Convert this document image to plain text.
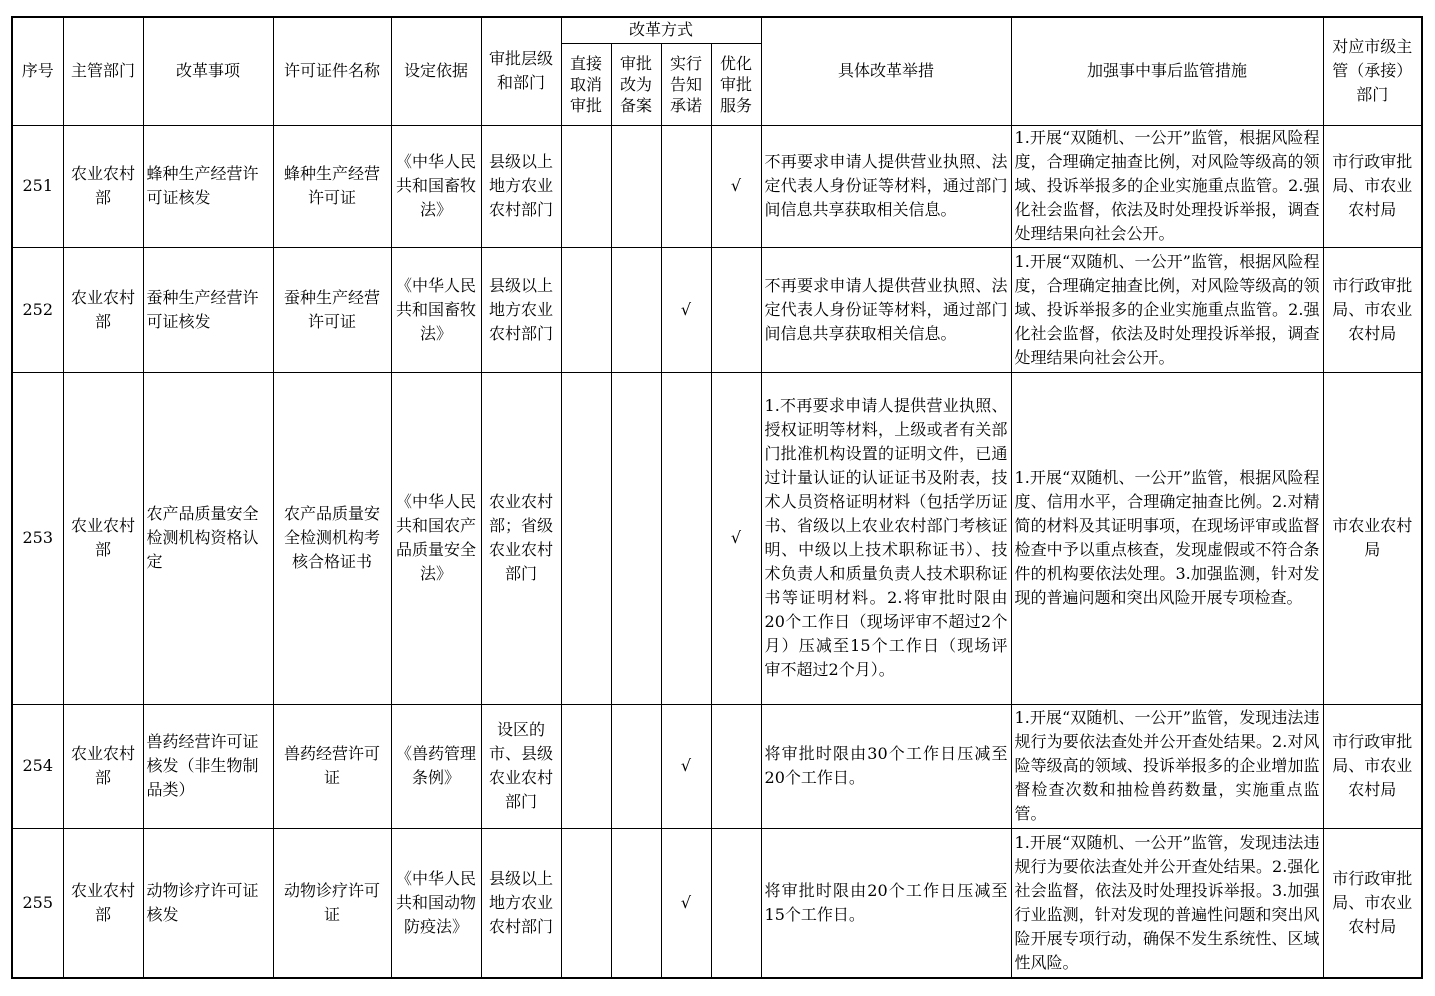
序号	主管部门	改革事项	许可证件名称	设定依据	审批层级和部门	改革方式				具体改革举措	加强事中事后监管措施	对应市级主管（承接）部门
						直接取消审批	审批改为备案	实行告知承诺	优化审批服务			
251	农业农村部	蜂种生产经营许可证核发	蜂种生产经营许可证	《中华人民共和国畜牧法》	县级以上地方农业农村部门				√	不再要求申请人提供营业执照、法定代表人身份证等材料，通过部门间信息共享获取相关信息。	1.开展“双随机、一公开”监管，根据风险程度，合理确定抽查比例，对风险等级高的领域、投诉举报多的企业实施重点监管。2.强化社会监督，依法及时处理投诉举报，调查处理结果向社会公开。	市行政审批局、市农业农村局
252	农业农村部	蚕种生产经营许可证核发	蚕种生产经营许可证	《中华人民共和国畜牧法》	县级以上地方农业农村部门			√		不再要求申请人提供营业执照、法定代表人身份证等材料，通过部门间信息共享获取相关信息。	1.开展“双随机、一公开”监管，根据风险程度，合理确定抽查比例，对风险等级高的领域、投诉举报多的企业实施重点监管。2.强化社会监督，依法及时处理投诉举报，调查处理结果向社会公开。	市行政审批局、市农业农村局
253	农业农村部	农产品质量安全检测机构资格认定	农产品质量安全检测机构考核合格证书	《中华人民共和国农产品质量安全法》	农业农村部；省级农业农村部门				√	1.不再要求申请人提供营业执照、授权证明等材料，上级或者有关部门批准机构设置的证明文件，已通过计量认证的认证证书及附表，技术人员资格证明材料（包括学历证书、省级以上农业农村部门考核证明、中级以上技术职称证书）、技术负责人和质量负责人技术职称证书等证明材料。2.将审批时限由20个工作日（现场评审不超过2个月）压减至15个工作日（现场评审不超过2个月）。	1.开展“双随机、一公开”监管，根据风险程度、信用水平，合理确定抽查比例。2.对精简的材料及其证明事项，在现场评审或监督检查中予以重点核查，发现虚假或不符合条件的机构要依法处理。3.加强监测，针对发现的普遍问题和突出风险开展专项检查。	市农业农村局
254	农业农村部	兽药经营许可证核发（非生物制品类）	兽药经营许可证	《兽药管理条例》	设区的市、县级农业农村部门			√		将审批时限由30个工作日压减至20个工作日。	1.开展“双随机、一公开”监管，发现违法违规行为要依法查处并公开查处结果。2.对风险等级高的领域、投诉举报多的企业增加监督检查次数和抽检兽药数量，实施重点监管。	市行政审批局、市农业农村局
255	农业农村部	动物诊疗许可证核发	动物诊疗许可证	《中华人民共和国动物防疫法》	县级以上地方农业农村部门			√		将审批时限由20个工作日压减至15个工作日。	1.开展“双随机、一公开”监管，发现违法违规行为要依法查处并公开查处结果。2.强化社会监督，依法及时处理投诉举报。3.加强行业监测，针对发现的普遍性问题和突出风险开展专项行动，确保不发生系统性、区域性风险。	市行政审批局、市农业农村局
